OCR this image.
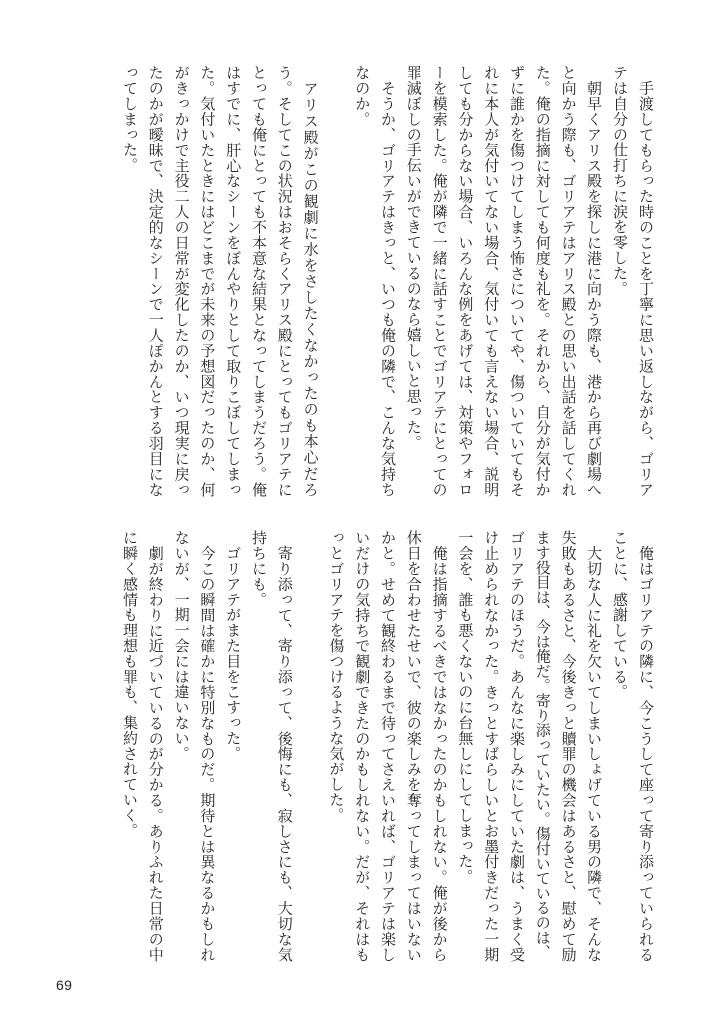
　手渡してもらった時のことを丁寧に思い返しながら、ゴリア
テは自分の仕打ちに涙を零した。
　朝早くアリス殿を探しに港に向かう際も、港から再び劇場へ
と向かう際も、ゴリアテはアリス殿との思い出話を話してくれ
た。俺の指摘に対しても何度も礼を。それから、自分が気付か
ずに誰かを傷つけてしまう怖さについてや、傷ついていてもそ
れに本人が気付いてない場合、気付いても言えない場合、説明
しても分からない場合、いろんな例をあげては、対策やフォロ
ーを模索した。俺が隣で一緒に話すことでゴリアテにとっての
罪滅ぼしの手伝いができているのなら嬉しいと思った。
　そうか、ゴリアテはきっと、いつも俺の隣で、こんな気持ち
なのか。
　アリス殿がこの観劇に水をさしたくなかったのも本心だろ
う。そしてこの状況はおそらくアリス殿にとってもゴリアテに
とっても俺にとっても不本意な結果となってしまうだろう。俺
はすでに、肝心なシーンをぼんやりとして取りこぼしてしまっ
た。気付いたときにはどこまでが未来の予想図だったのか、何
がきっかけで主役二人の日常が変化したのか、いつ現実に戻っ
たのかが曖昧で、決定的なシーンで一人ぽかんとする羽目にな
ってしまった。
　俺はゴリアテの隣に、今こうして座って寄り添っていられる
ことに、感謝している。
　大切な人に礼を欠いてしまいしょげている男の隣で、そんな
失敗もあるさと、今後きっと贖罪の機会はあるさと、慰めて励
ます役目は、今は俺だ。寄り添っていたい。傷付いているのは、
ゴリアテのほうだ。あんなに楽しみにしていた劇は、うまく受
け止められなかった。きっとすばらしいとお墨付きだった一期
一会を、誰も悪くないのに台無しにしてしまった。
　俺は指摘するべきではなかったのかもしれない。俺が後から
休日を合わせたせいで、彼の楽しみを奪ってしまってはいない
かと。せめて観終わるまで待ってさえいれば、ゴリアテは楽し
いだけの気持ちで観劇できたのかもしれない。だが、それはも
っとゴリアテを傷つけるような気がした。
　寄り添って、寄り添って、後悔にも、寂しさにも、大切な気
持ちにも。
　ゴリアテがまた目をこすった。
　今この瞬間は確かに特別なものだ。期待とは異なるかもしれ
ないが、一期一会には違いない。
　劇が終わりに近づいているのが分かる。ありふれた日常の中
に瞬く感情も理想も罪も、集約されていく。
69
